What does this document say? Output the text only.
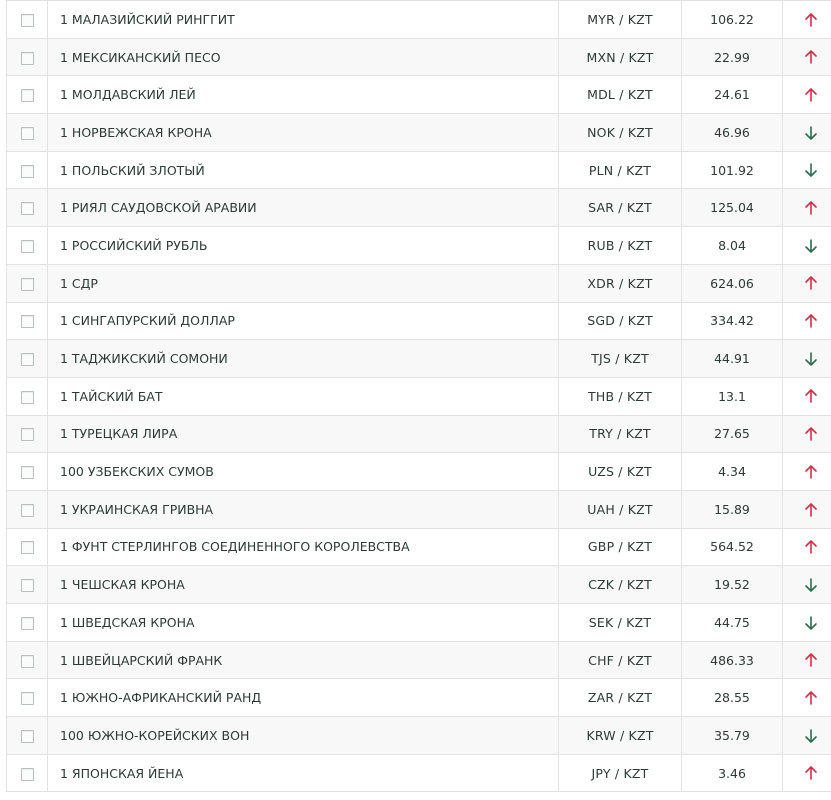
	1 МАЛАЗИЙСКИЙ РИНГГИТ	MYR / KZT	106.22	

	1 МЕКСИКАНСКИЙ ПЕСО	MXN / KZT	22.99	

	1 МОЛДАВСКИЙ ЛЕЙ	MDL / KZT	24.61	

	1 НОРВЕЖСКАЯ КРОНА	NOK / KZT	46.96	

	1 ПОЛЬСКИЙ ЗЛОТЫЙ	PLN / KZT	101.92	

	1 РИЯЛ САУДОВСКОЙ АРАВИИ	SAR / KZT	125.04	

	1 РОССИЙСКИЙ РУБЛЬ	RUB / KZT	8.04	

	1 СДР	XDR / KZT	624.06	

	1 СИНГАПУРСКИЙ ДОЛЛАР	SGD / KZT	334.42	

	1 ТАДЖИКСКИЙ СОМОНИ	TJS / KZT	44.91	

	1 ТАЙСКИЙ БАТ	THB / KZT	13.1	

	1 ТУРЕЦКАЯ ЛИРА	TRY / KZT	27.65	

	100 УЗБЕКСКИХ СУМОВ	UZS / KZT	4.34	

	1 УКРАИНСКАЯ ГРИВНА	UAH / KZT	15.89	

	1 ФУНТ СТЕРЛИНГОВ СОЕДИНЕННОГО КОРОЛЕВСТВА	GBP / KZT	564.52	

	1 ЧЕШСКАЯ КРОНА	CZK / KZT	19.52	

	1 ШВЕДСКАЯ КРОНА	SEK / KZT	44.75	

	1 ШВЕЙЦАРСКИЙ ФРАНК	CHF / KZT	486.33	

	1 ЮЖНО-АФРИКАНСКИЙ РАНД	ZAR / KZT	28.55	

	100 ЮЖНО-КОРЕЙСКИХ ВОН	KRW / KZT	35.79	

	1 ЯПОНСКАЯ ЙЕНА	JPY / KZT	3.46	
